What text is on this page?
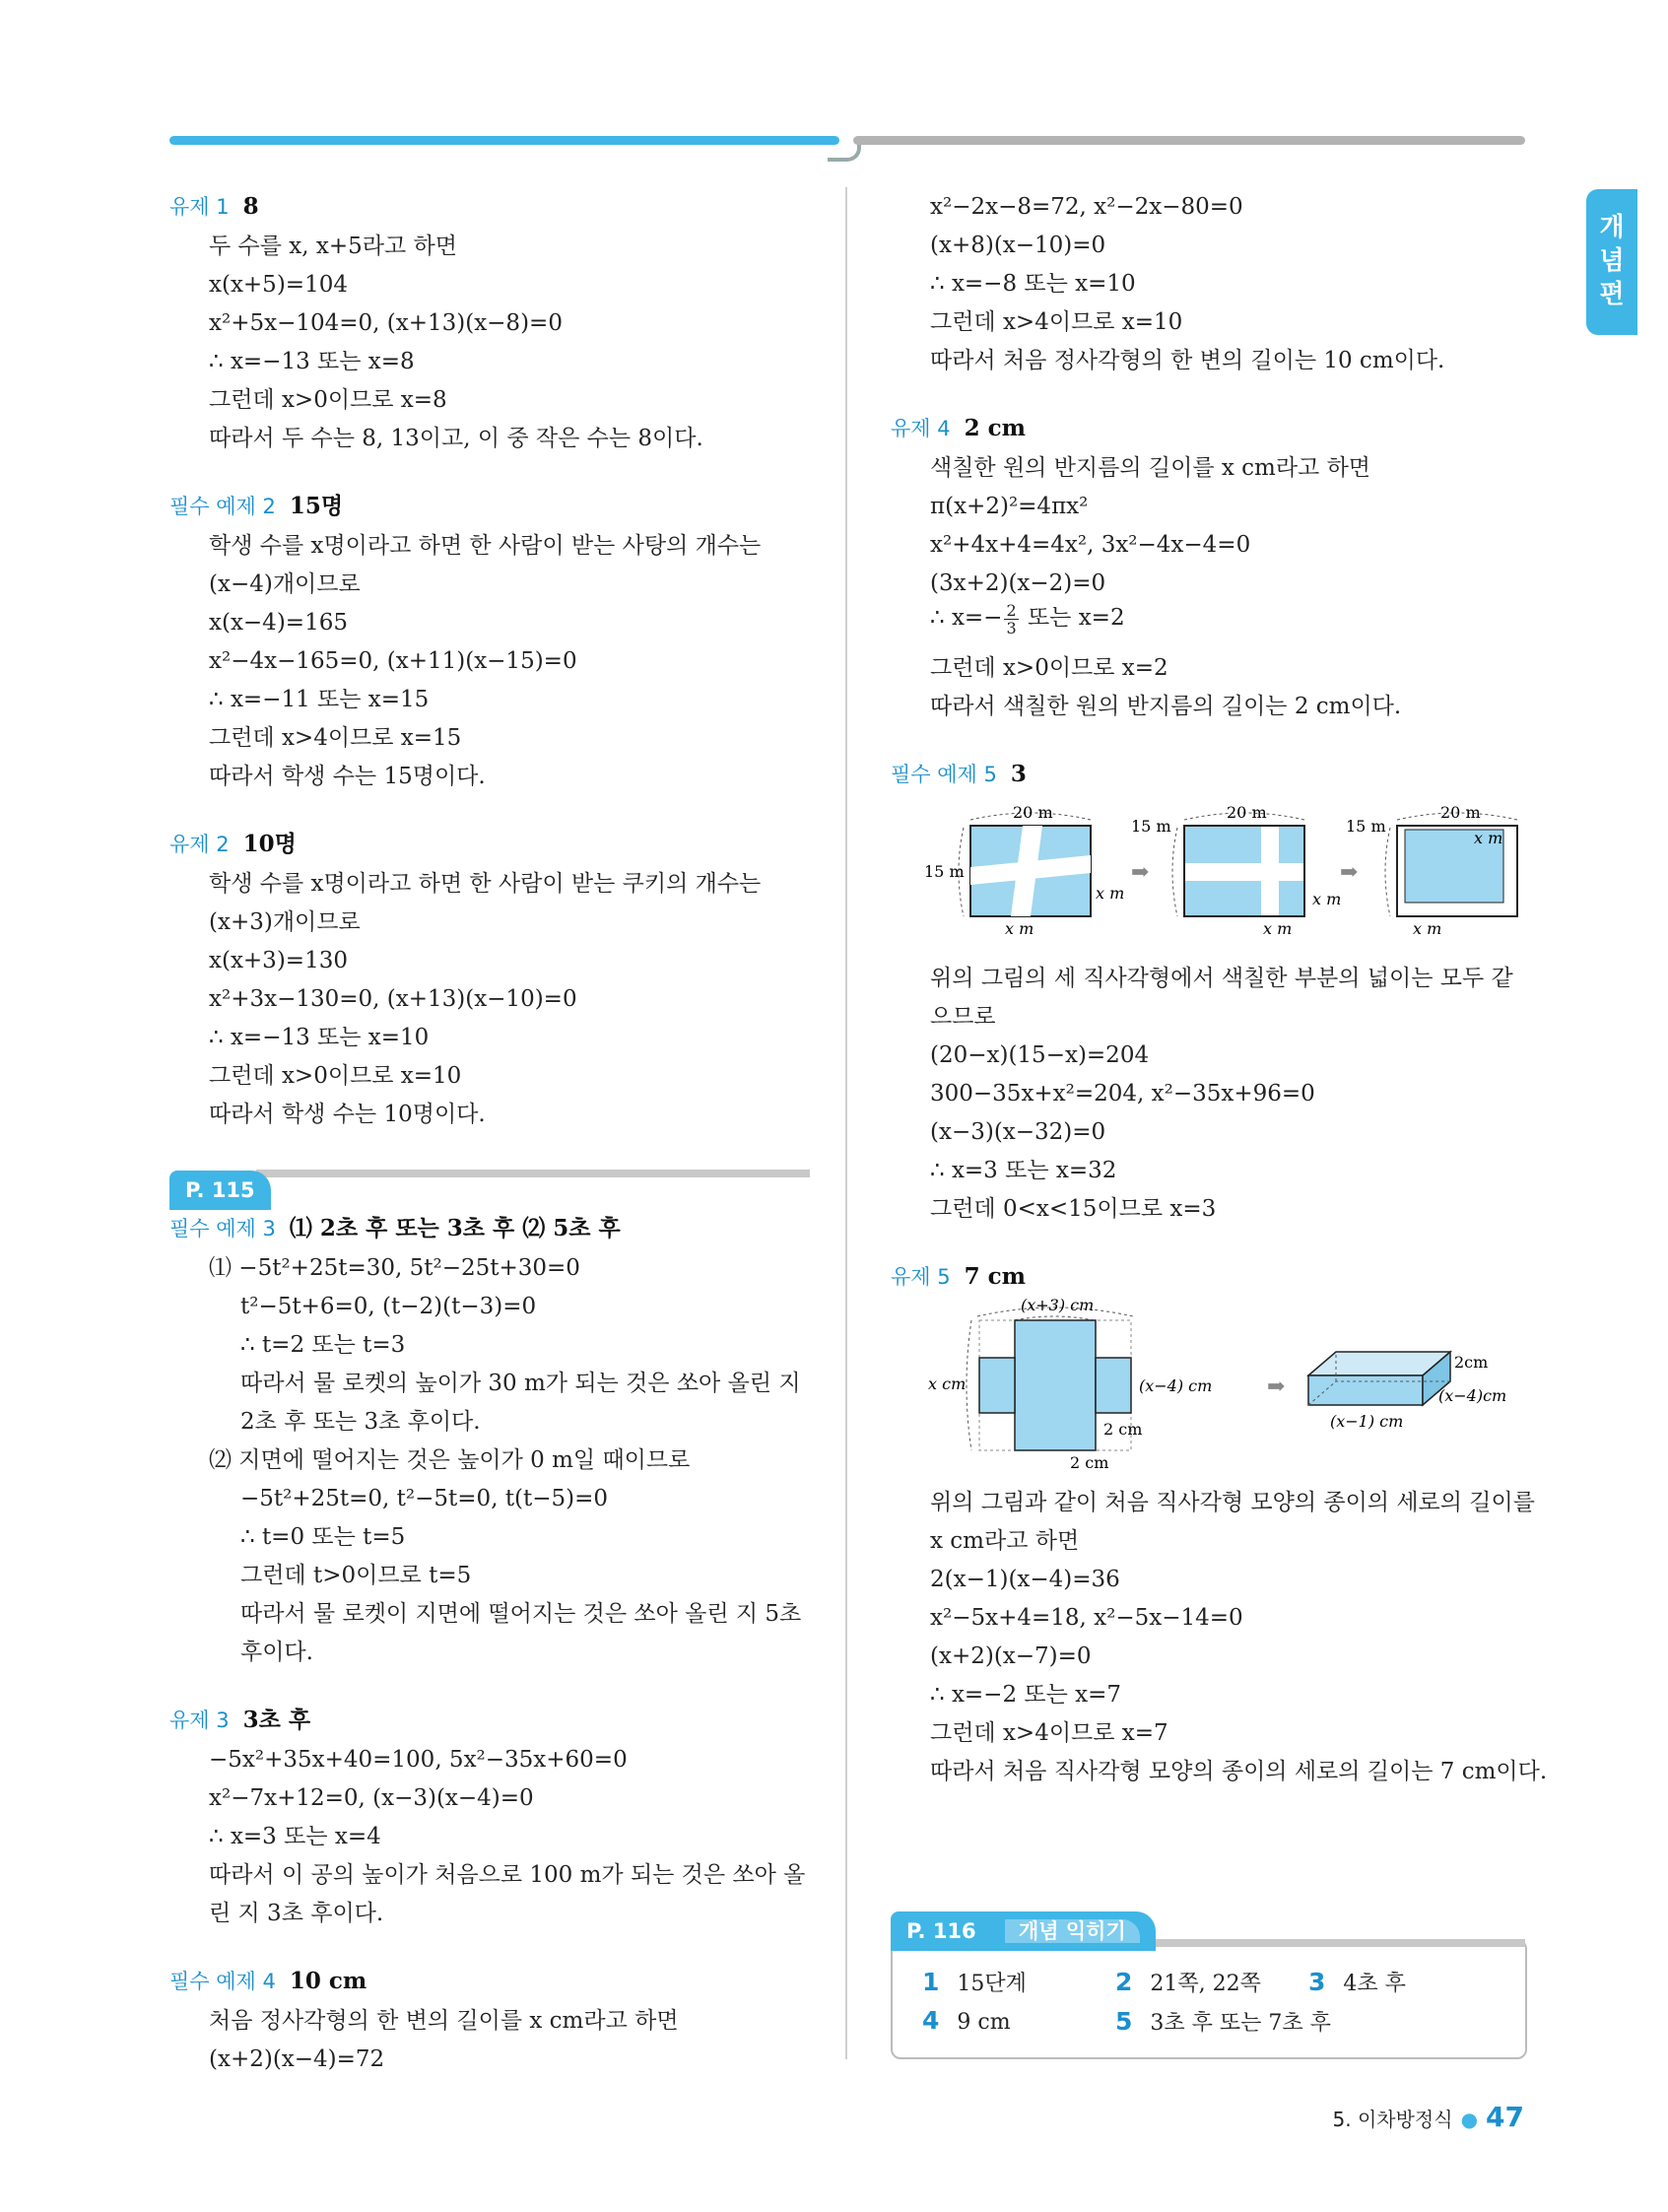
개
념
편
유제 1 8
두 수를 x, x+5라고 하면
x(x+5)=104
x²+5x−104=0, (x+13)(x−8)=0
∴ x=−13 또는 x=8
그런데 x>0이므로 x=8
따라서 두 수는 8, 13이고, 이 중 작은 수는 8이다.
필수 예제 2 15명
학생 수를 x명이라고 하면 한 사람이 받는 사탕의 개수는
(x−4)개이므로
x(x−4)=165
x²−4x−165=0, (x+11)(x−15)=0
∴ x=−11 또는 x=15
그런데 x>4이므로 x=15
따라서 학생 수는 15명이다.
유제 2 10명
학생 수를 x명이라고 하면 한 사람이 받는 쿠키의 개수는
(x+3)개이므로
x(x+3)=130
x²+3x−130=0, (x+13)(x−10)=0
∴ x=−13 또는 x=10
그런데 x>0이므로 x=10
따라서 학생 수는 10명이다.
P. 115
필수 예제 3 ⑴ 2초 후 또는 3초 후 ⑵ 5초 후
⑴ −5t²+25t=30, 5t²−25t+30=0
t²−5t+6=0, (t−2)(t−3)=0
∴ t=2 또는 t=3
따라서 물 로켓의 높이가 30 m가 되는 것은 쏘아 올린 지
2초 후 또는 3초 후이다.
⑵ 지면에 떨어지는 것은 높이가 0 m일 때이므로
−5t²+25t=0, t²−5t=0, t(t−5)=0
∴ t=0 또는 t=5
그런데 t>0이므로 t=5
따라서 물 로켓이 지면에 떨어지는 것은 쏘아 올린 지 5초
후이다.
유제 3 3초 후
−5x²+35x+40=100, 5x²−35x+60=0
x²−7x+12=0, (x−3)(x−4)=0
∴ x=3 또는 x=4
따라서 이 공의 높이가 처음으로 100 m가 되는 것은 쏘아 올
린 지 3초 후이다.
필수 예제 4 10 cm
처음 정사각형의 한 변의 길이를 x cm라고 하면
(x+2)(x−4)=72
x²−2x−8=72, x²−2x−80=0
(x+8)(x−10)=0
∴ x=−8 또는 x=10
그런데 x>4이므로 x=10
따라서 처음 정사각형의 한 변의 길이는 10 cm이다.
유제 4 2 cm
색칠한 원의 반지름의 길이를 x cm라고 하면
π(x+2)²=4πx²
x²+4x+4=4x², 3x²−4x−4=0
(3x+2)(x−2)=0
∴ $x=- \frac{2}{3}$ 또는 x=2
그런데 x>0이므로 x=2
따라서 색칠한 원의 반지름의 길이는 2 cm이다.
필수 예제 5 3
20 m
15 m
x m
x m
➡
20 m
15 m
x m
x m
➡
20 m
15 m
x m
x m
위의 그림의 세 직사각형에서 색칠한 부분의 넓이는 모두 같
으므로
(20−x)(15−x)=204
300−35x+x²=204, x²−35x+96=0
(x−3)(x−32)=0
∴ x=3 또는 x=32
그런데 0<x<15이므로 x=3
유제 5 7 cm
(x+3) cm
x cm	(x−4) cm
2 cm
2 cm
➡
2cm
(x−4)cm
(x−1) cm
위의 그림과 같이 처음 직사각형 모양의 종이의 세로의 길이를
x cm라고 하면
2(x−1)(x−4)=36
x²−5x+4=18, x²−5x−14=0
(x+2)(x−7)=0
∴ x=−2 또는 x=7
그런데 x>4이므로 x=7
따라서 처음 직사각형 모양의 종이의 세로의 길이는 7 cm이다.
P. 116 개념 익히기
1 15단계	2 21쪽, 22쪽 3 4초 후
4 9 cm	5 3초 후 또는 7초 후
5. 이차방정식 ● 47
